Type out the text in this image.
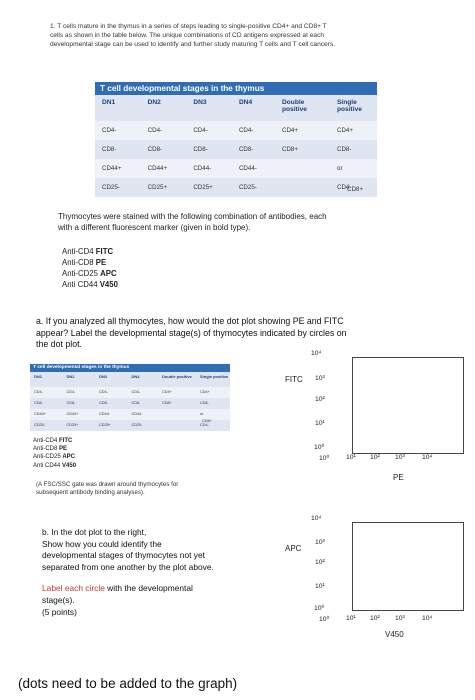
1. T cells mature in the thymus in a series of steps leading to single-positive CD4+ and CD8+ T
cells as shown in the table below. The unique combinations of CD antigens expressed at each
developmental stage can be used to identify and further study maturing T cells and T cell cancers.
T cell developmental stages in the thymus					
DN1	DN2	DN3	DN4	Double positive	Single positive
CD4-	CD4-	CD4-	CD4-	CD4+	CD4+
CD8-	CD8-	CD8-	CD8-	CD8+	CD8-
CD44+	CD44+	CD44-	CD44-		or
CD25-	CD25+	CD25+	CD25-		CD4-
CD8+
Thymocytes were stained with the following combination of antibodies, each
with a different fluorescent marker (given in bold type).
Anti-CD4 FITC
Anti-CD8 PE
Anti-CD25 APC
Anti CD44 V450
a. If you analyzed all thymocytes, how would the dot plot showing PE and FITC
appear? Label the developmental stage(s) of thymocytes indicated by circles on
the dot plot.
T cell developmental stages in the thymus					
DN1	DN2	DN3	DN4	Double positive	Single positive
CD4-	CD4-	CD4-	CD4-	CD4+	CD4+
CD8-	CD8-	CD8-	CD8-	CD8+	CD8-
CD44+	CD44+	CD44-	CD44-		or
CD25-	CD25+	CD25+	CD25-		CD4-
CD8+
Anti-CD4 FITC
Anti-CD8 PE
Anti-CD25 APC
Anti CD44 V450
(A FSC/SSC gate was drawn around thymocytes for
subsequent antibody binding analyses).
FITC
10⁴
10³
10²
10¹
10⁰
10⁰ 10¹ 10² 10³	10⁴
PE
b. In the dot plot to the right,
Show how you could identify the
developmental stages of thymocytes not yet
separated from one another by the plot above.
Label each circle with the developmental
stage(s).
(5 points)
APC
10⁴
10³
10²
10¹
10⁰
10⁰ 10¹ 10² 10³	10⁴
V450
(dots need to be added to the graph)
